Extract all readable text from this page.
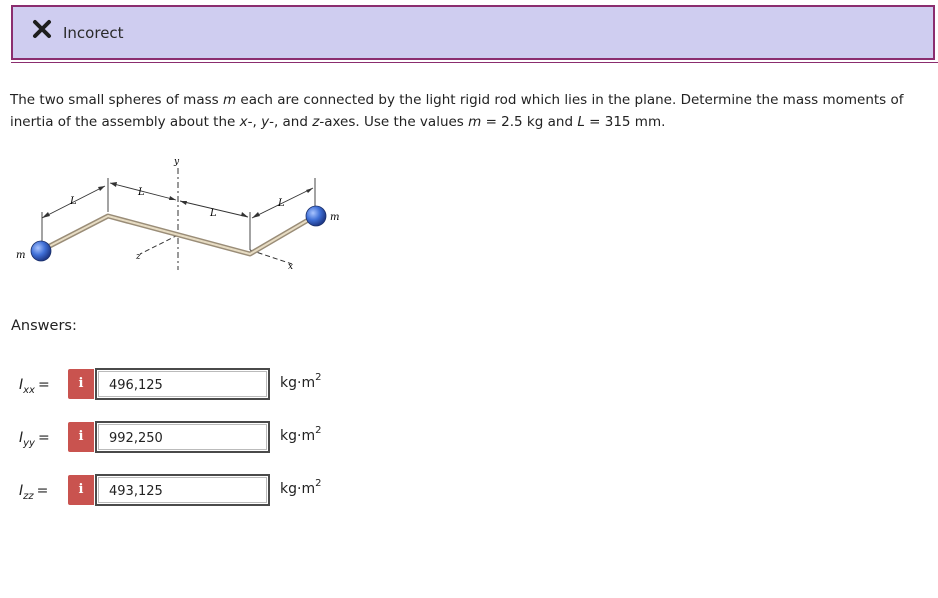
Incorect
The two small spheres of mass m each are connected by the light rigid rod which lies in the plane. Determine the mass moments of inertia of the assembly about the x-, y-, and z-axes. Use the values m = 2.5 kg and L = 315 mm.
y
z
x
L
L
L
L
m
m
Answers:
$I_{xx}$ =	i	496,125	$kg\cdot m^2$
$I_{yy}$ =	i	992,250	$kg\cdot m^2$
$I_{zz}$ =	i	493,125	$kg\cdot m^2$
